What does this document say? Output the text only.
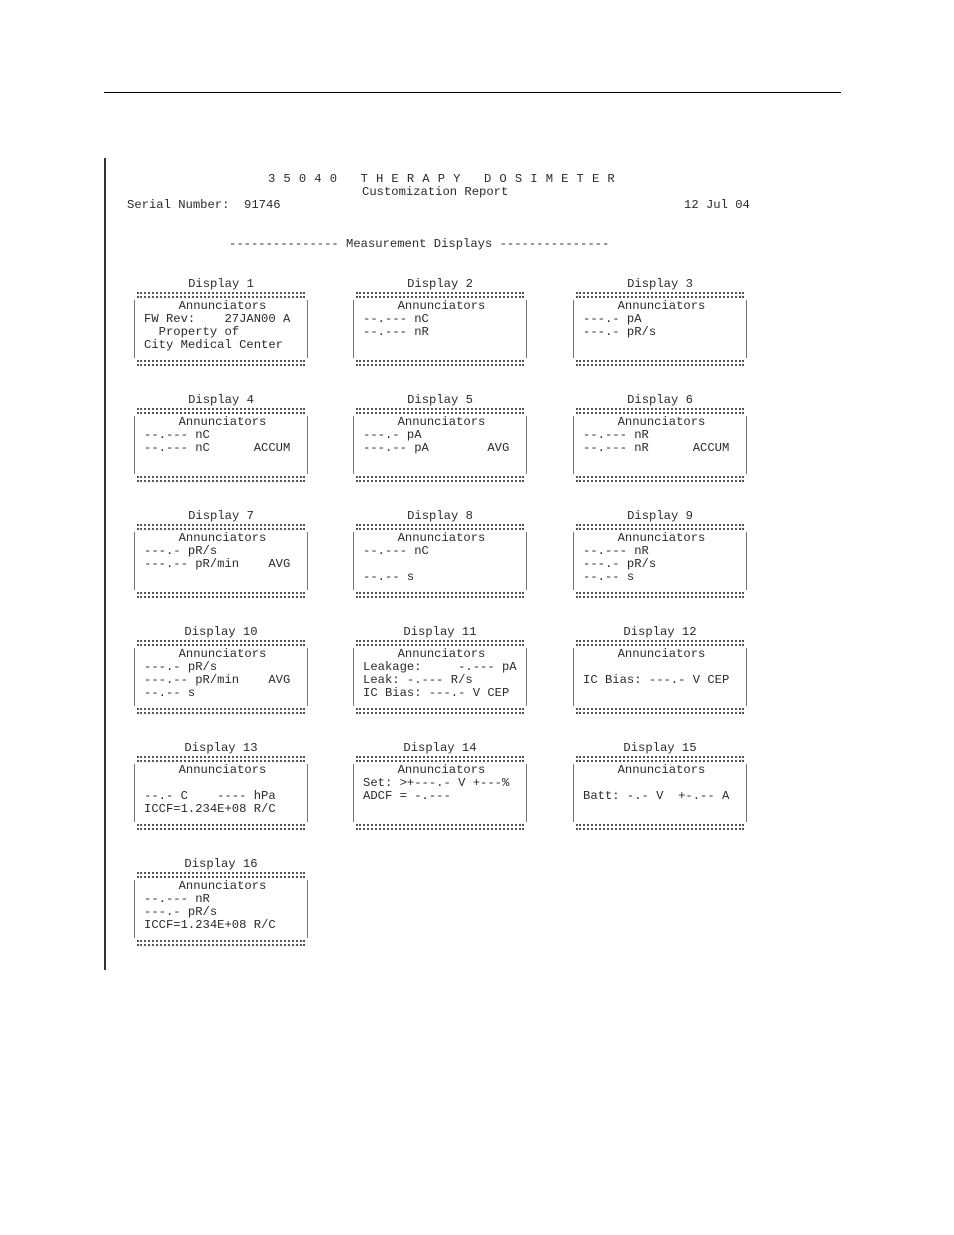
3 5 0 4 0   T H E R A P Y   D O S I M E T E R
Customization Report
Serial Number: 91746	12 Jul 04
--------------- Measurement Displays ---------------
Display 1
Annunciators
FW Rev:    27JAN00 A
Property of
City Medical Center
Display 2
Annunciators
--.--- nC
--.--- nR
Display 3
Annunciators
---.- pA
---.- pR/s
Display 4
Annunciators
--.--- nC
--.--- nC      ACCUM
Display 5
Annunciators
---.- pA
---.-- pA        AVG
Display 6
Annunciators
--.--- nR
--.--- nR      ACCUM
Display 7
Annunciators
---.- pR/s
---.-- pR/min    AVG
Display 8
Annunciators
--.--- nC
--.-- s
Display 9
Annunciators
--.--- nR
---.- pR/s
--.-- s
Display 10
Annunciators
---.- pR/s
---.-- pR/min    AVG
--.-- s
Display 11
Annunciators
Leakage:     -.--- pA
Leak: -.--- R/s
IC Bias: ---.- V CEP
Display 12
Annunciators
IC Bias: ---.- V CEP
Display 13
Annunciators
--.- C    ---- hPa
ICCF=1.234E+08 R/C
Display 14
Annunciators
Set: >+---.- V +---%
ADCF = -.---
Display 15
Annunciators
Batt: -.- V  +-.-- A
Display 16
Annunciators
--.--- nR
---.- pR/s
ICCF=1.234E+08 R/C
